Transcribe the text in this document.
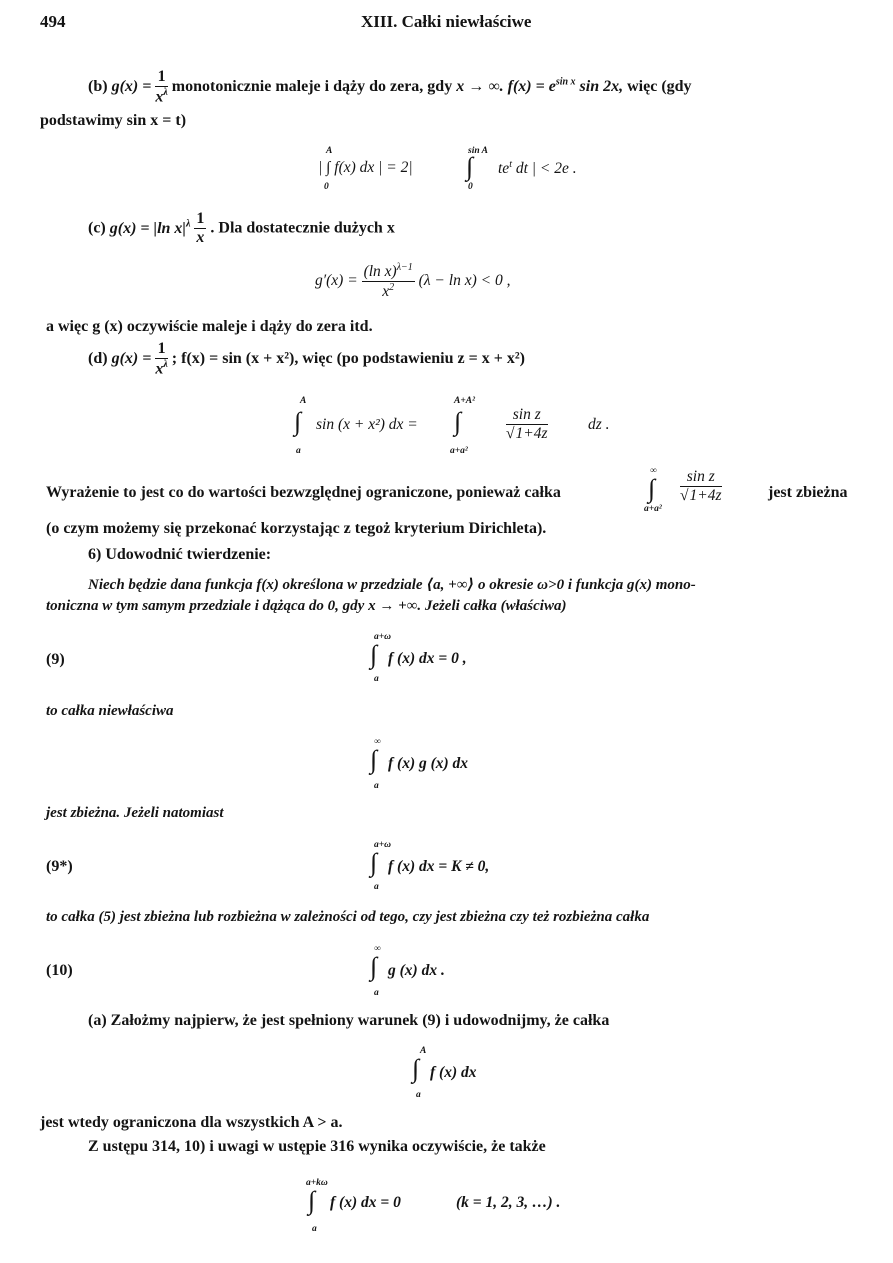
494	XIII. Całki niewłaściwe
(b) $g(x) = \frac{1}{x^\lambda}$ monotonicznie maleje i dąży do zera, gdy x → ∞. $f(x) = e^{sin x}$ sin 2x, więc (gdy
podstawimy sin x = t)
A
0
| ∫ f(x) dx | = 2|
sin A
0
∫ $te^t$ dt | < 2e .
(c) g(x) = |ln $x|^\lambda \frac{1}{x}$ . Dla dostatecznie dużych x
$g'(x) = \frac{(\ln x)^{\lambda-1}}{x^2} (\lambda - \ln x) < 0$ ,
a więc g (x) oczywiście maleje i dąży do zera itd.
(d) $g(x) = \frac{1}{x^\lambda}$ ; f(x) = sin (x + x²), więc (po podstawieniu z = x + x²)
A
∫
a
sin (x + x²) dx =
A+A²
∫
a+a²
$\frac{\text{sin z}}{√1+4z}$	dz .
Wyrażenie to jest co do wartości bezwzględnej ograniczone, ponieważ całka
∞
∫
a+a²
$\frac{\text{sin z}}{√1+4z}$	jest zbieżna
(o czym możemy się przekonać korzystając z tegoż kryterium Dirichleta).
6) Udowodnić twierdzenie:
Niech będzie dana funkcja f(x) określona w przedziale ⟨a, +∞⟩ o okresie ω>0 i funkcja g(x) mono-
toniczna w tym samym przedziale i dążąca do 0, gdy x → +∞. Jeżeli całka (właściwa)
(9)
a+ω
∫
a
f (x) dx = 0 ,
to całka niewłaściwa
∞
∫
a
f (x) g (x) dx
jest zbieżna. Jeżeli natomiast
(9*)
a+ω
∫
a
f (x) dx = K ≠ 0,
to całka (5) jest zbieżna lub rozbieżna w zależności od tego, czy jest zbieżna czy też rozbieżna całka
(10)
∞
∫
a
g (x) dx .
(a) Założmy najpierw, że jest spełniony warunek (9) i udowodnijmy, że całka
A
∫
a
f (x) dx
jest wtedy ograniczona dla wszystkich A > a.
Z ustępu 314, 10) i uwagi w ustępie 316 wynika oczywiście, że także
a+kω
∫
a
f (x) dx = 0	(k = 1, 2, 3, …) .
